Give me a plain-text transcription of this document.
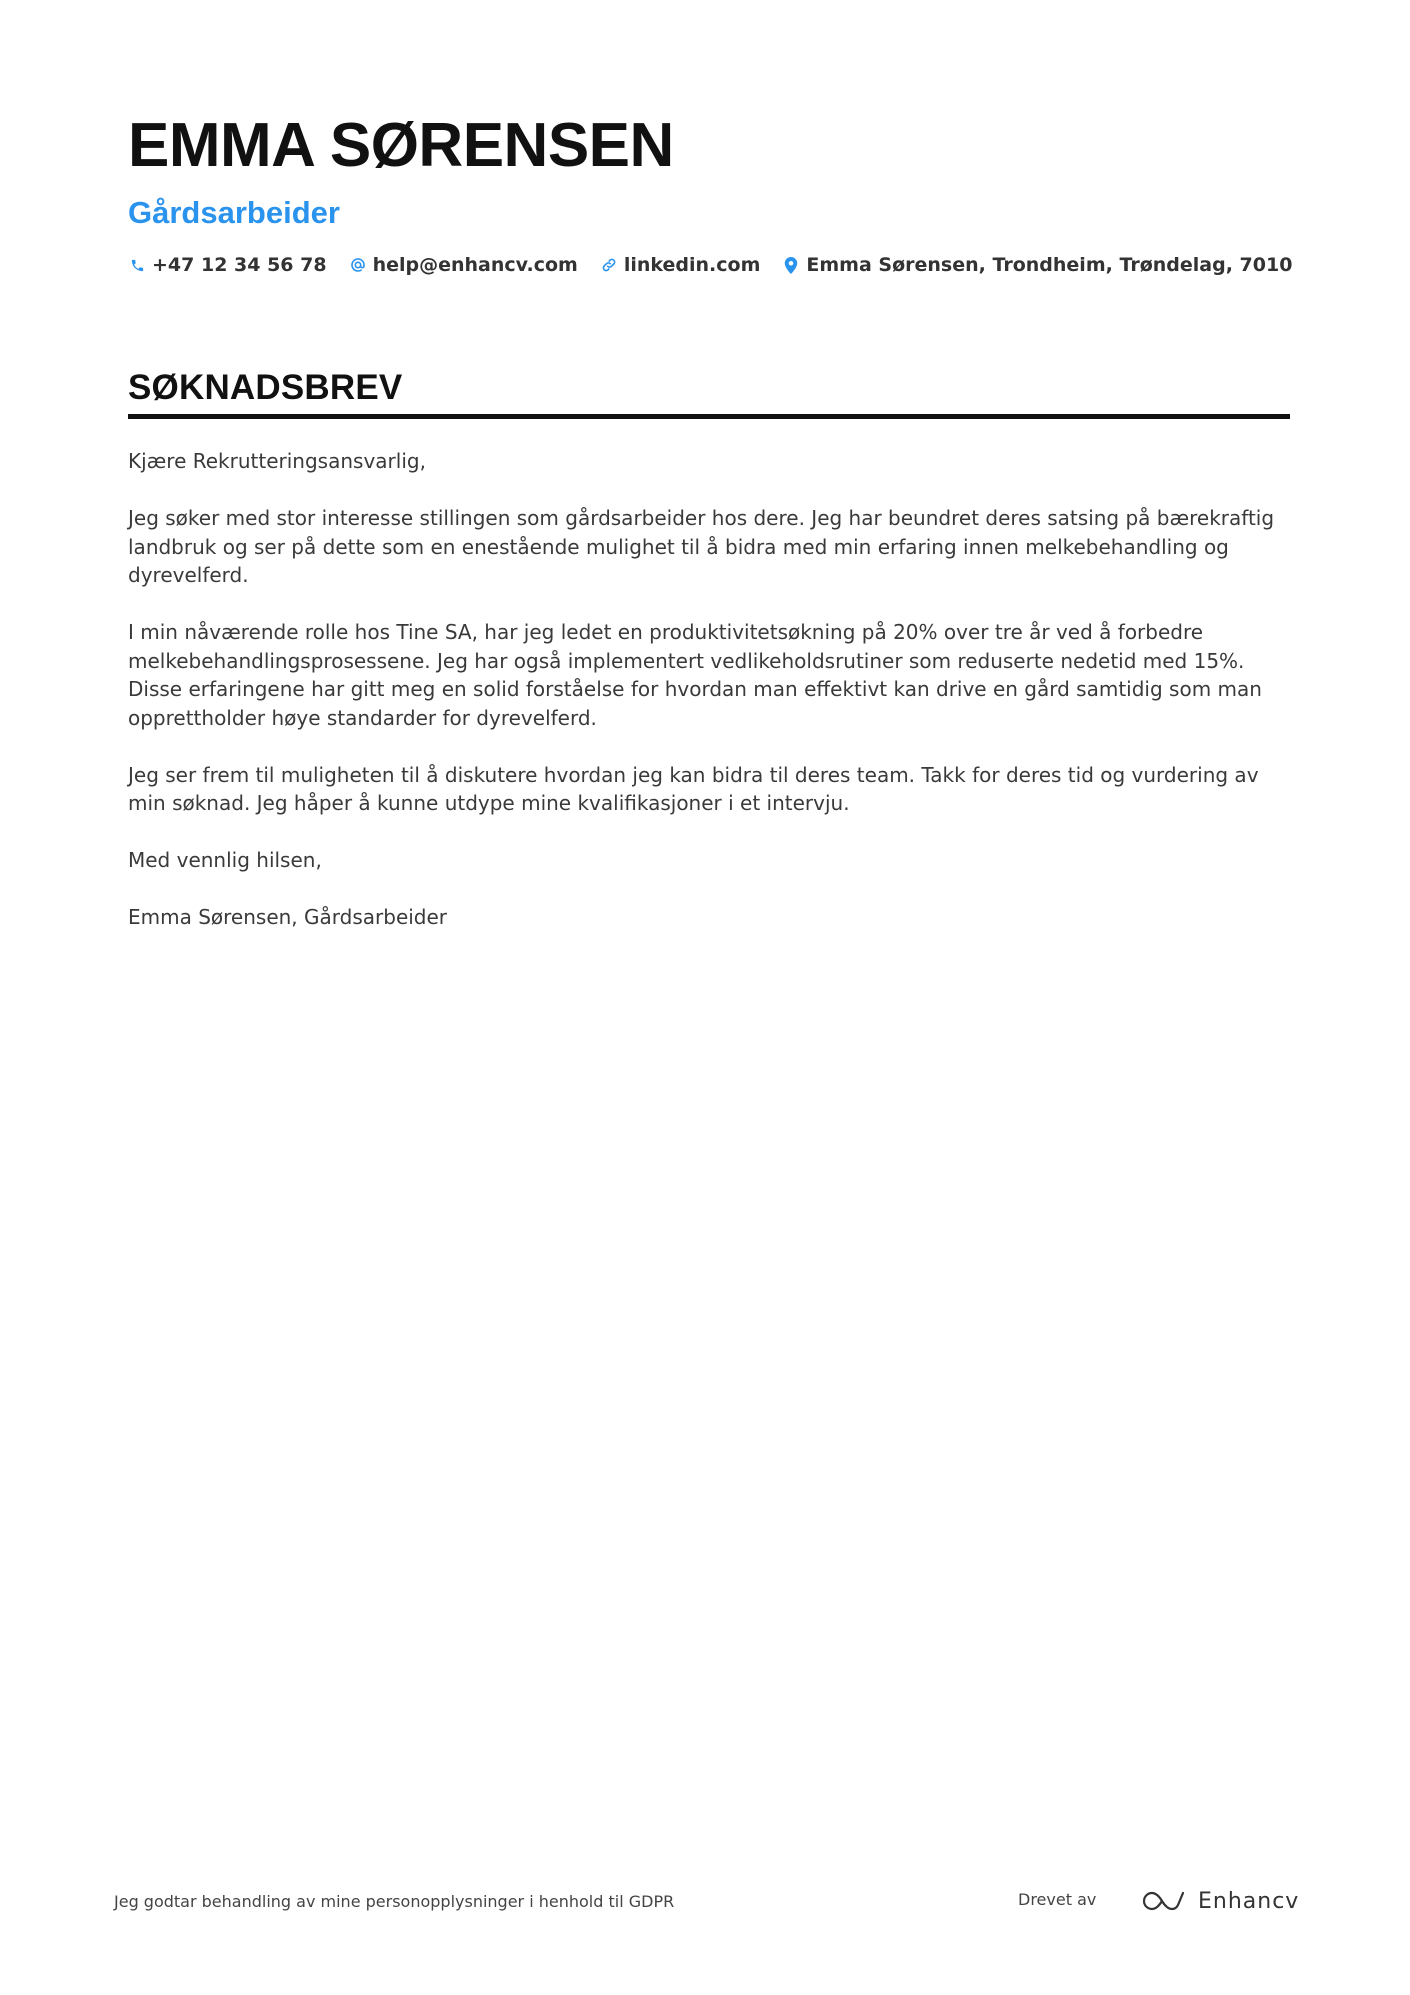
EMMA SØRENSEN
Gårdsarbeider
+47 12 34 56 78 help@enhancv.com linkedin.com Emma Sørensen, Trondheim, Trøndelag, 7010
SØKNADSBREV

Kjære Rekrutteringsansvarlig,

Jeg søker med stor interesse stillingen som gårdsarbeider hos dere. Jeg har beundret deres satsing på bærekraftig landbruk og ser på dette som en enestående mulighet til å bidra med min erfaring innen melkebehandling og dyrevelferd.

I min nåværende rolle hos Tine SA, har jeg ledet en produktivitetsøkning på 20% over tre år ved å forbedre melkebehandlingsprosessene. Jeg har også implementert vedlikeholdsrutiner som reduserte nedetid med 15%. Disse erfaringene har gitt meg en solid forståelse for hvordan man effektivt kan drive en gård samtidig som man opprettholder høye standarder for dyrevelferd.

Jeg ser frem til muligheten til å diskutere hvordan jeg kan bidra til deres team. Takk for deres tid og vurdering av min søknad. Jeg håper å kunne utdype mine kvalifikasjoner i et intervju.

Med vennlig hilsen,

Emma Sørensen, Gårdsarbeider

Jeg godtar behandling av mine personopplysninger i henhold til GDPR	Drevet av	Enhancv
